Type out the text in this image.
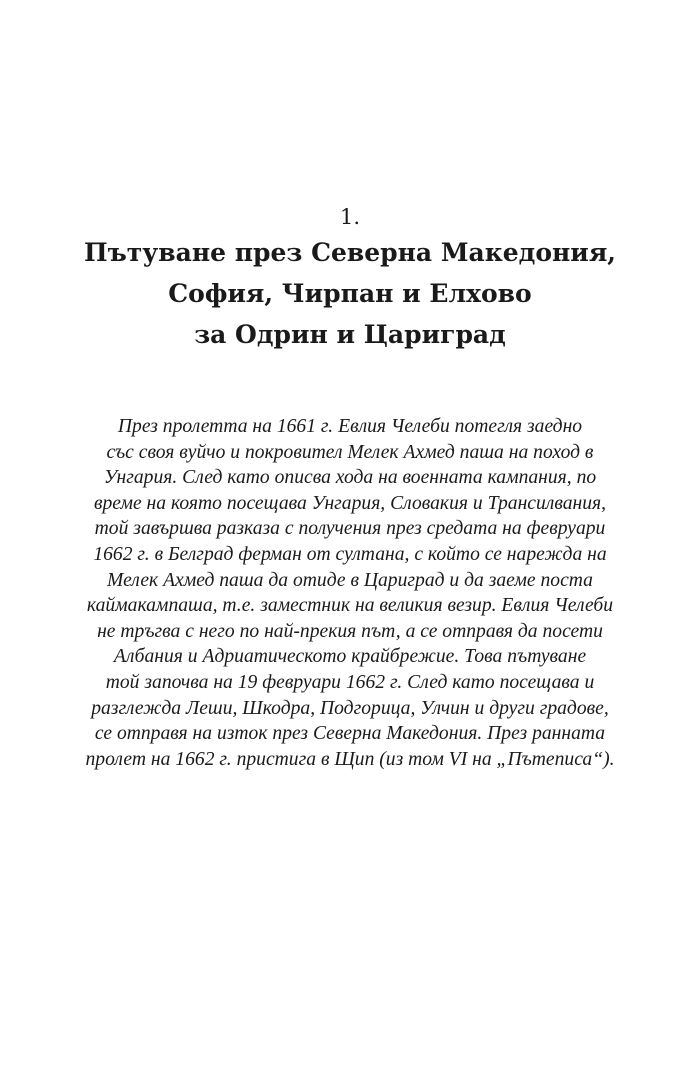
1.
Пътуване през Северна Македония,
София, Чирпан и Елхово
за Одрин и Цариград
През пролетта на 1661 г. Евлия Челеби потегля заедно
със своя вуйчо и покровител Мелек Ахмед паша на поход в
Унгария. След като описва хода на военната кампания, по
време на която посещава Унгария, Словакия и Трансилвания,
той завършва разказа с получения през средата на февруари
1662 г. в Белград ферман от султана, с който се нарежда на
Мелек Ахмед паша да отиде в Цариград и да заеме поста
каймакампаша, т.е. заместник на великия везир. Евлия Челеби
не тръгва с него по най-прекия път, а се отправя да посети
Албания и Адриатическото крайбрежие. Това пътуване
той започва на 19 февруари 1662 г. След като посещава и
разглежда Леши, Шкодра, Подгорица, Улчин и други градове,
се отправя на изток през Северна Македония. През ранната
пролет на 1662 г. пристига в Щип (из том VI на „Пътеписа“).
